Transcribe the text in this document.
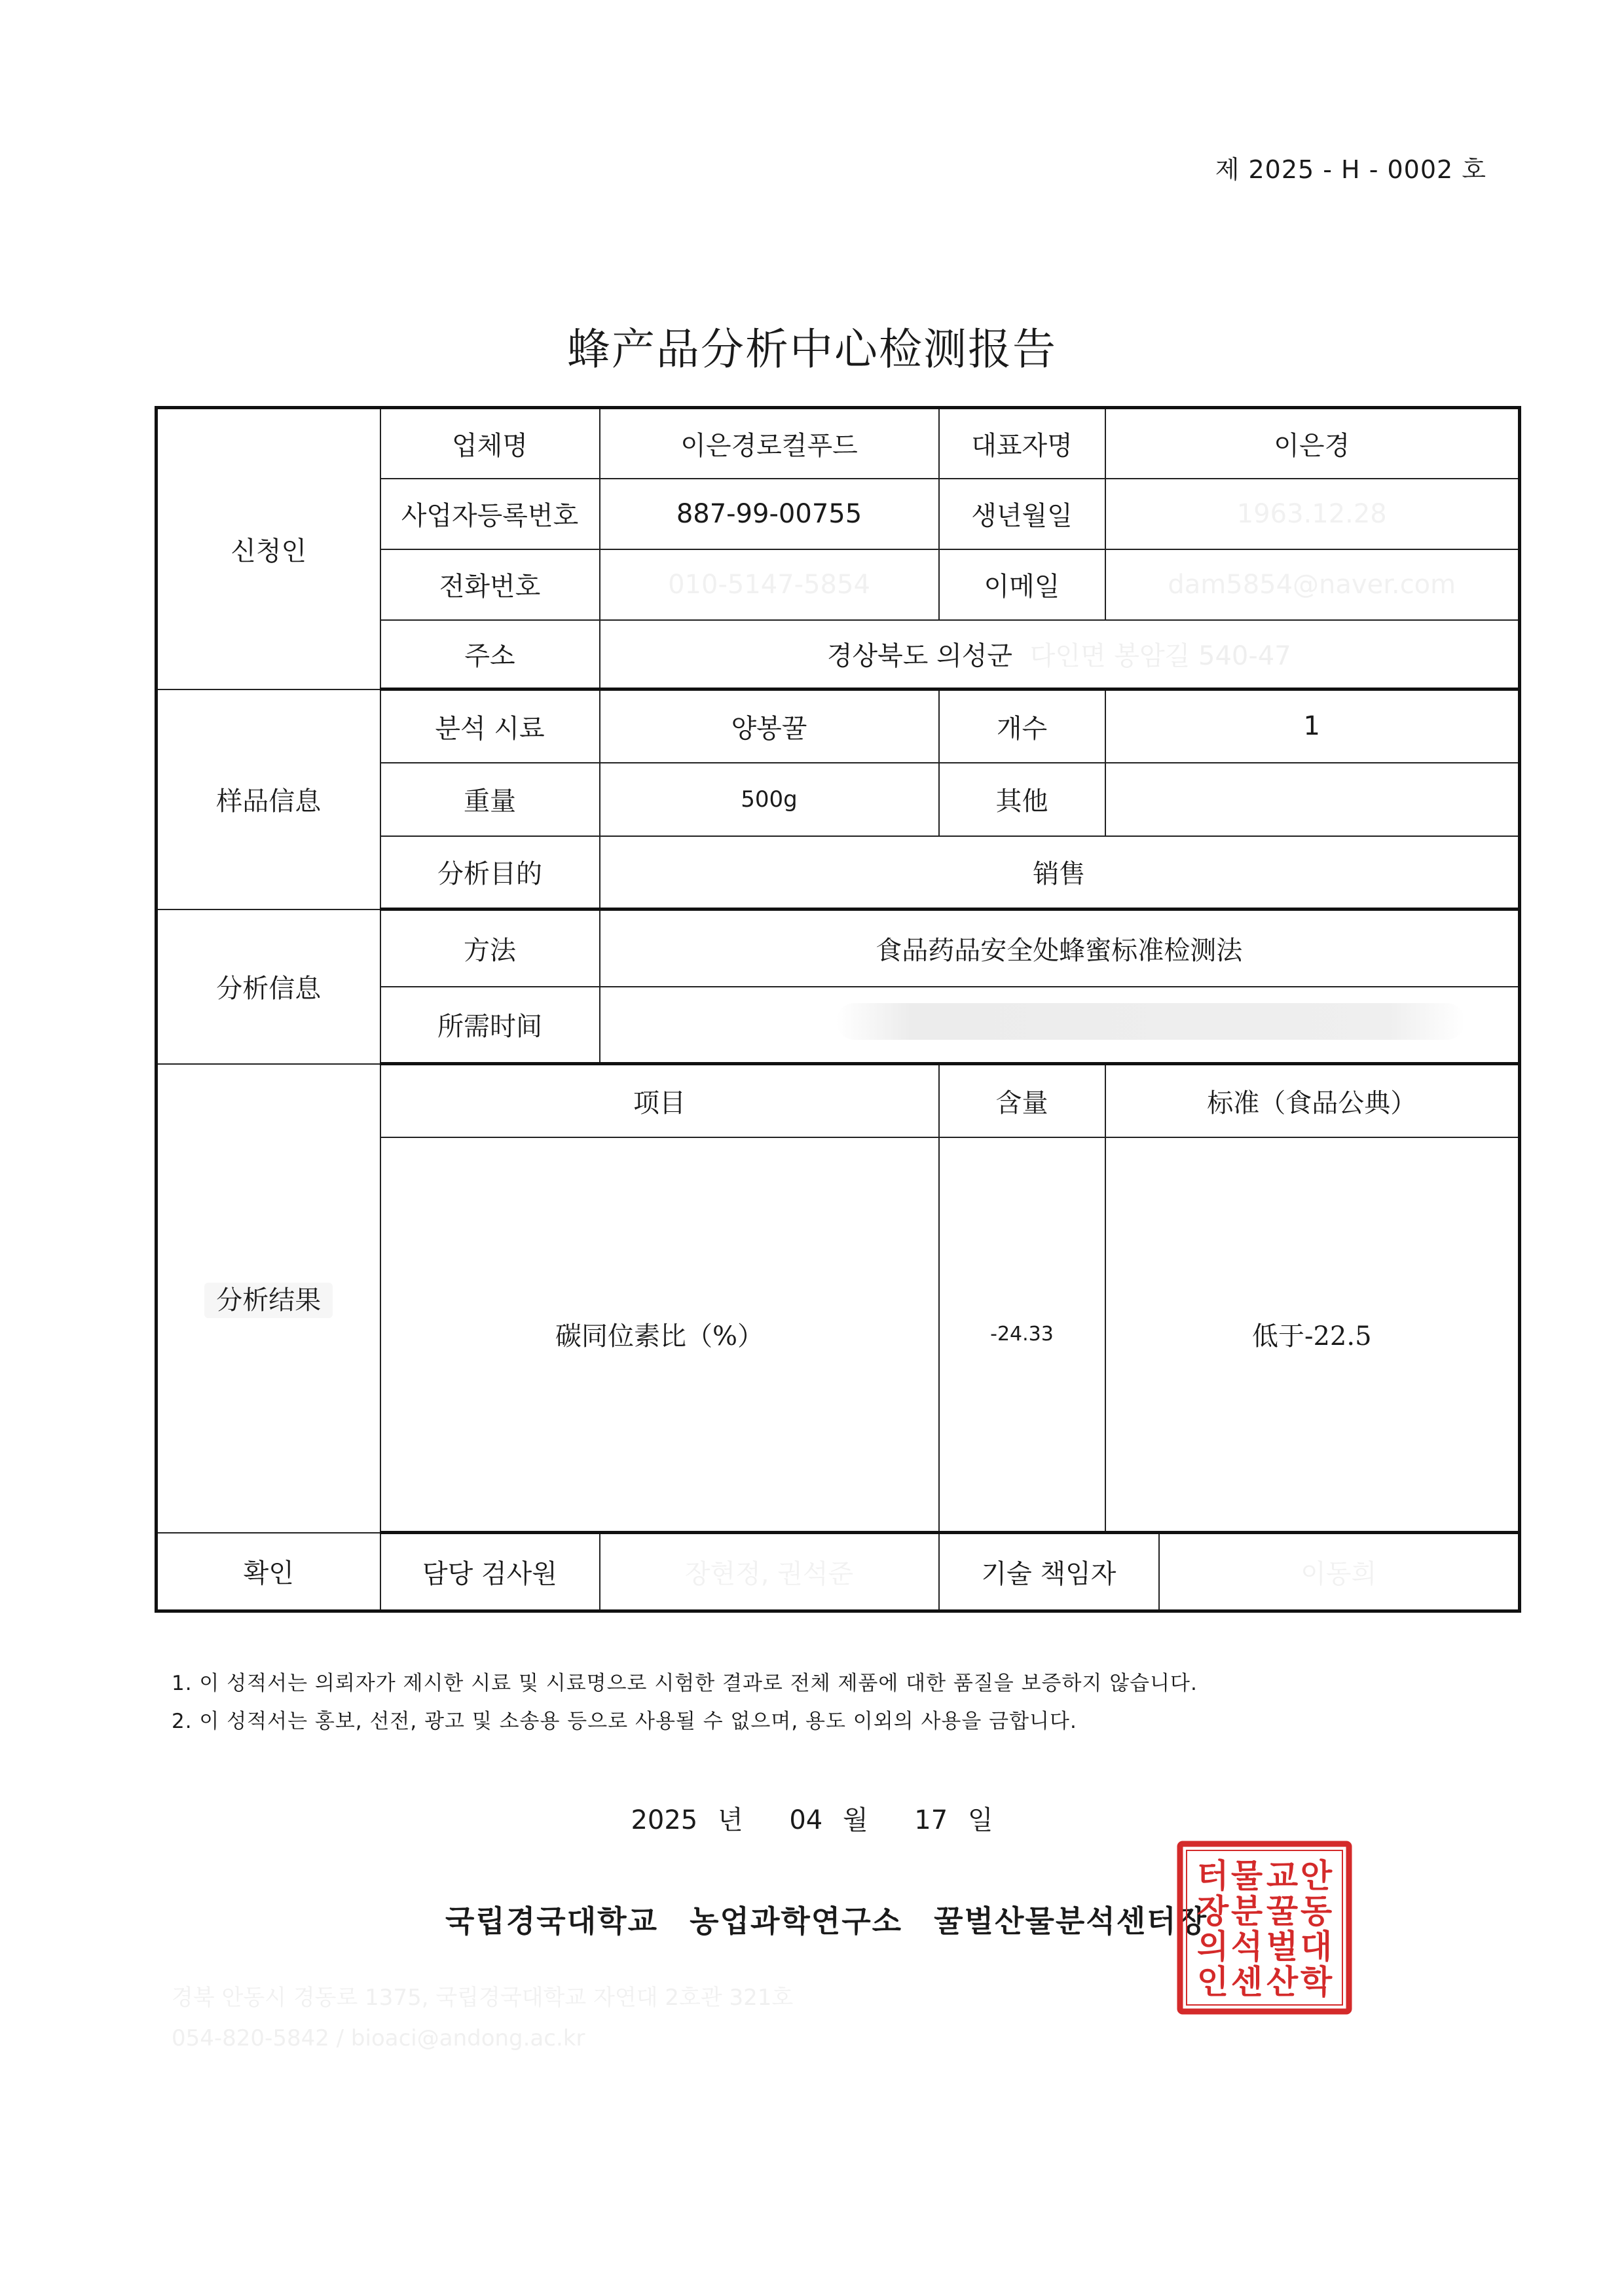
제 2025 - H - 0002 호
蜂产品分析中心检测报告
신청인	업체명	이은경로컬푸드	대표자명	이은경	
	사업자등록번호	887-99-00755	생년월일	1963.12.28	
	전화번호	010-5147-5854	이메일	dam5854@naver.com	
	주소	경상북도 의성군 다인면 봉암길 540-47			
样品信息	분석 시료	양봉꿀	개수	1	
	重量	500g	其他		
	分析目的	销售			
分析信息	方法	食品药品安全处蜂蜜标准检测法			
	所需时间				
分析结果	项目		含量	标准（食品公典）	
	碳同位素比（%）		-24.33	低于-22.5	
확인	담당 검사원	장현정, 권석준	기술 책임자		이동희
1. 이 성적서는 의뢰자가 제시한 시료 및 시료명으로 시험한 결과로 전체 제품에 대한 품질을 보증하지 않습니다.
2. 이 성적서는 홍보, 선전, 광고 및 소송용 등으로 사용될 수 없으며, 용도 이외의 사용을 금합니다.
2025 년 04 월 17 일
국립경국대학교 농업과학연구소 꿀벌산물분석센터장
경북 안동시 경동로 1375, 국립경국대학교 자연대 2호관 321호
054-820-5842 / bioaci@andong.ac.kr
안
동
대
학
교
꿀
벌
산
물
분
석
센
터
장
의
인
